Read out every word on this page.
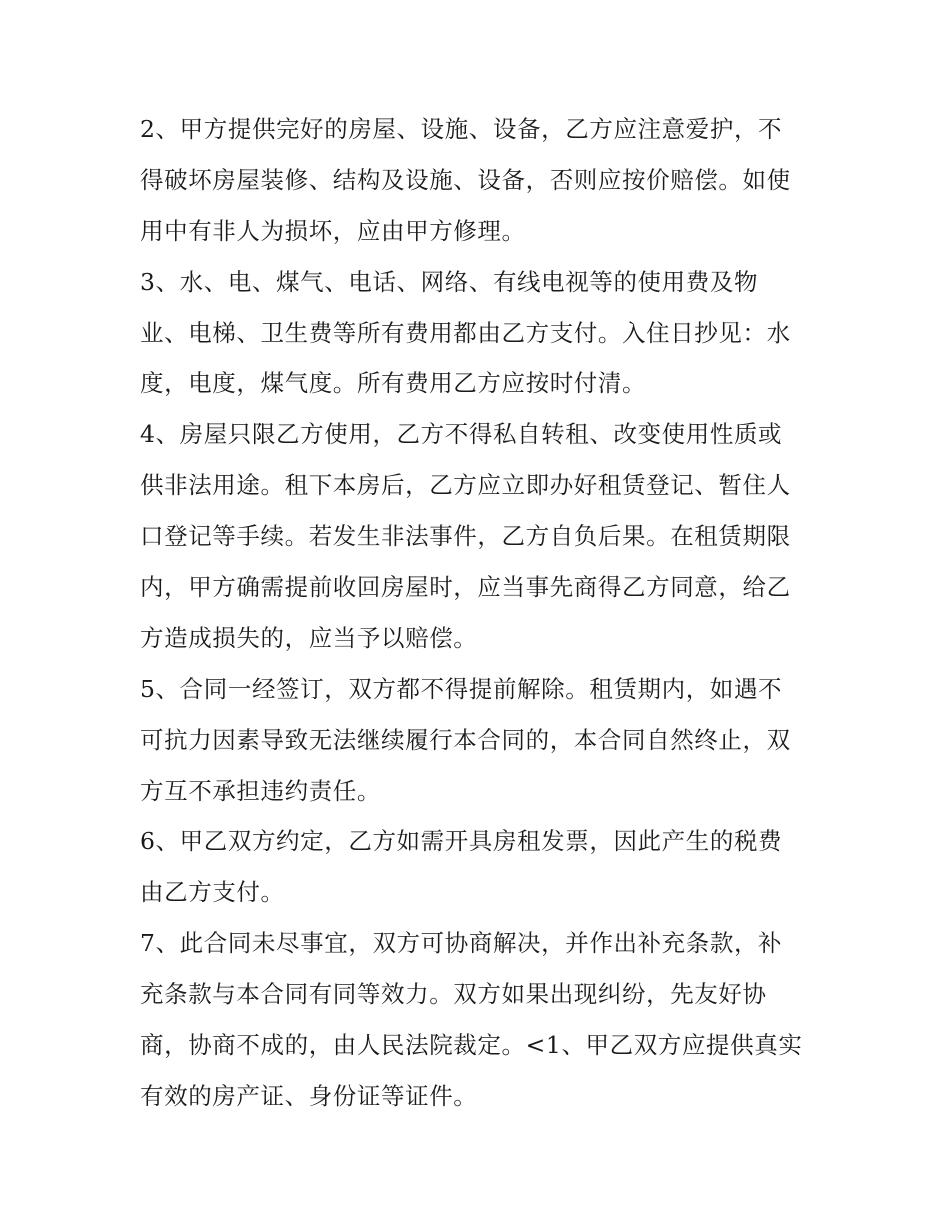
2、甲方提供完好的房屋、设施、设备，乙方应注意爱护，不
得破坏房屋装修、结构及设施、设备，否则应按价赔偿。如使
用中有非人为损坏，应由甲方修理。
3、水、电、煤气、电话、网络、有线电视等的使用费及物
业、电梯、卫生费等所有费用都由乙方支付。入住日抄见：水
度，电度，煤气度。所有费用乙方应按时付清。
4、房屋只限乙方使用，乙方不得私自转租、改变使用性质或
供非法用途。租下本房后，乙方应立即办好租赁登记、暂住人
口登记等手续。若发生非法事件，乙方自负后果。在租赁期限
内，甲方确需提前收回房屋时，应当事先商得乙方同意，给乙
方造成损失的，应当予以赔偿。
5、合同一经签订，双方都不得提前解除。租赁期内，如遇不
可抗力因素导致无法继续履行本合同的，本合同自然终止，双
方互不承担违约责任。
6、甲乙双方约定，乙方如需开具房租发票，因此产生的税费
由乙方支付。
7、此合同未尽事宜，双方可协商解决，并作出补充条款，补
充条款与本合同有同等效力。双方如果出现纠纷，先友好协
商，协商不成的，由人民法院裁定。<1、甲乙双方应提供真实
有效的房产证、身份证等证件。
